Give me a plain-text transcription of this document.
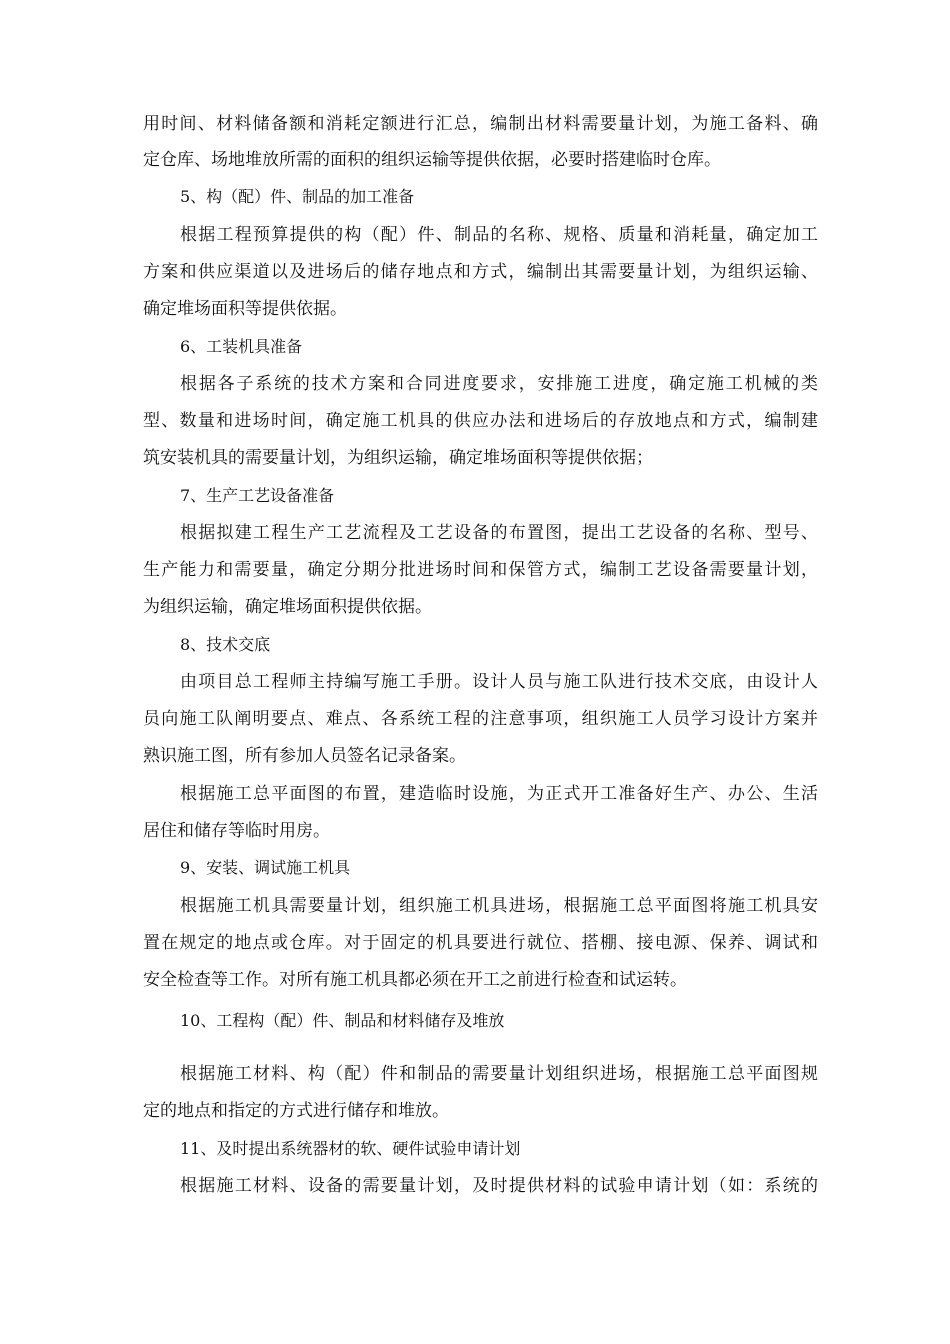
用时间、材料储备额和消耗定额进行汇总，编制出材料需要量计划，为施工备料、确
定仓库、场地堆放所需的面积的组织运输等提供依据，必要时搭建临时仓库。
5、构（配）件、制品的加工准备
根据工程预算提供的构（配）件、制品的名称、规格、质量和消耗量，确定加工
方案和供应渠道以及进场后的储存地点和方式，编制出其需要量计划，为组织运输、
确定堆场面积等提供依据。
6、工装机具准备
根据各子系统的技术方案和合同进度要求，安排施工进度，确定施工机械的类
型、数量和进场时间，确定施工机具的供应办法和进场后的存放地点和方式，编制建
筑安装机具的需要量计划，为组织运输，确定堆场面积等提供依据；
7、生产工艺设备准备
根据拟建工程生产工艺流程及工艺设备的布置图，提出工艺设备的名称、型号、
生产能力和需要量，确定分期分批进场时间和保管方式，编制工艺设备需要量计划，
为组织运输，确定堆场面积提供依据。
8、技术交底
由项目总工程师主持编写施工手册。设计人员与施工队进行技术交底，由设计人
员向施工队阐明要点、难点、各系统工程的注意事项，组织施工人员学习设计方案并
熟识施工图，所有参加人员签名记录备案。
根据施工总平面图的布置，建造临时设施，为正式开工准备好生产、办公、生活
居住和储存等临时用房。
9、安装、调试施工机具
根据施工机具需要量计划，组织施工机具进场，根据施工总平面图将施工机具安
置在规定的地点或仓库。对于固定的机具要进行就位、搭棚、接电源、保养、调试和
安全检查等工作。对所有施工机具都必须在开工之前进行检查和试运转。
10、工程构（配）件、制品和材料储存及堆放
根据施工材料、构（配）件和制品的需要量计划组织进场，根据施工总平面图规
定的地点和指定的方式进行储存和堆放。
11、及时提出系统器材的软、硬件试验申请计划
根据施工材料、设备的需要量计划，及时提供材料的试验申请计划（如：系统的
